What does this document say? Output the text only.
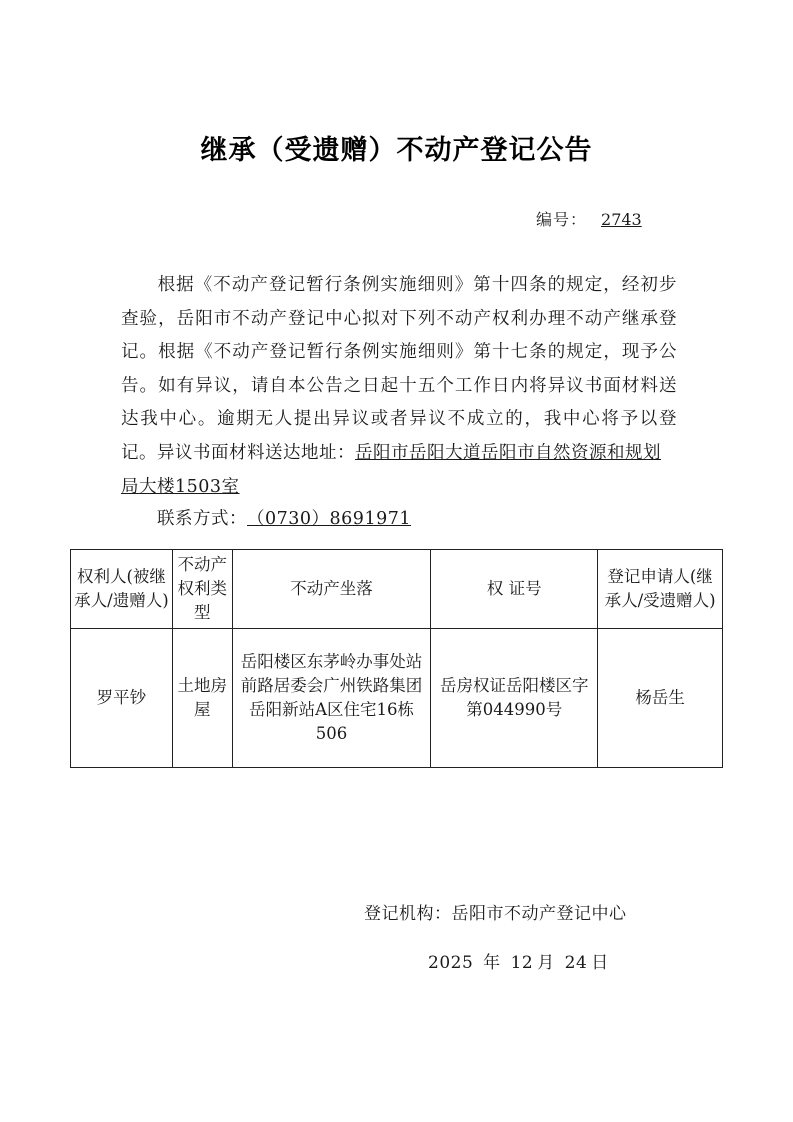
继承（受遗赠）不动产登记公告
编号： 2743
根据《不动产登记暂行条例实施细则》第十四条的规定，经初步查验，岳阳市不动产登记中心拟对下列不动产权利办理不动产继承登记。根据《不动产登记暂行条例实施细则》第十七条的规定，现予公告。如有异议，请自本公告之日起十五个工作日内将异议书面材料送达我中心。逾期无人提出异议或者异议不成立的，我中心将予以登记。 异议书面材料送达地址：岳阳市岳阳大道岳阳市自然资源和规划局大楼1503室
联系方式：（0730）8691971
权利人(被继承人/遗赠人)	不动产权利类型	不动产坐落	权 证号	登记申请人(继承人/受遗赠人)
罗平钞	土地房屋	岳阳楼区东茅岭办事处站前路居委会广州铁路集团岳阳新站A区住宅16栋506	岳房权证岳阳楼区字第044990号	杨岳生
登记机构：岳阳市不动产登记中心
2025 年 12 月 24 日
